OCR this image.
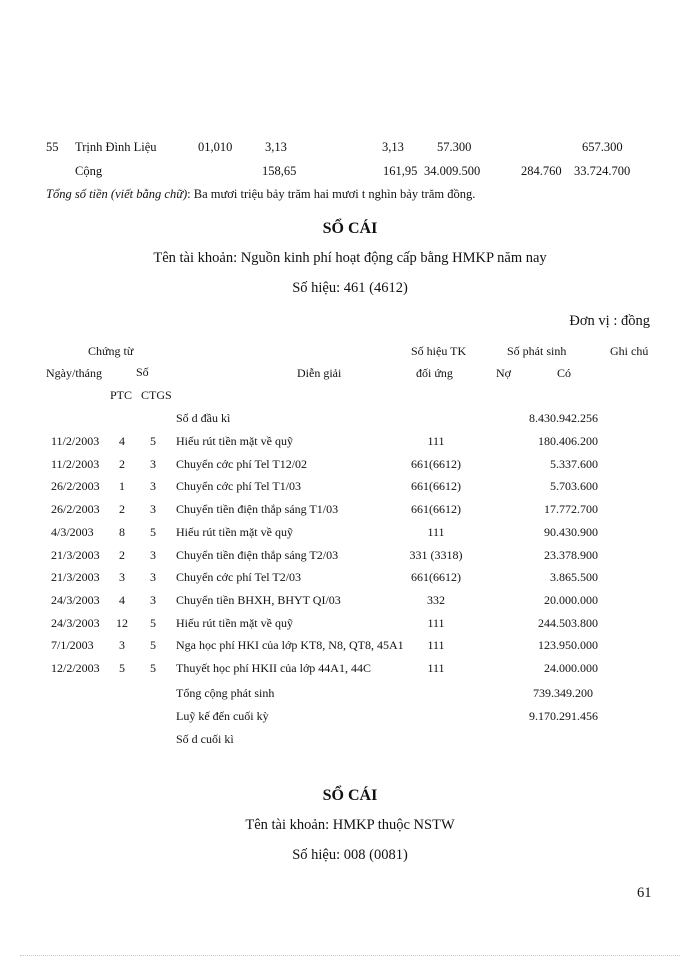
55 Trịnh Đình Liệu	01,010	3,13	3,13	57.300	657.300
Cộng	158,65	161,95 34.009.500	284.760 33.724.700
Tổng số tiền (viết bằng chữ): Ba mươi triệu bảy trăm hai mươi t nghìn bảy trăm đồng.
SỔ CÁI
Tên tài khoản: Nguồn kinh phí hoạt động cấp bằng HMKP năm nay
Số hiệu: 461 (4612)
Đơn vị : đồng
Chứng từ
Số
Ngày/tháng
PTC CTGS
Diễn giải
Số hiệu TK
đối ứng
Số phát sinh
Nợ	Có
Ghi chú
Số d đầu kì	8.430.942.256
11/2/2003 4 5 Hiếu rút tiền mặt về quỹ	111	180.406.200
11/2/2003 2 3 Chuyển cớc phí Tel T12/02	661(6612)	5.337.600
26/2/2003 1 3 Chuyển cớc phí Tel T1/03	661(6612)	5.703.600
26/2/2003 2 3 Chuyển tiền điện thắp sáng T1/03	661(6612)	17.772.700
4/3/2003 8 5 Hiếu rút tiền mặt về quỹ	111	90.430.900
21/3/2003 2 3 Chuyển tiền điện thắp sáng T2/03	331 (3318)	23.378.900
21/3/2003 3 3 Chuyển cớc phí Tel T2/03	661(6612)	3.865.500
24/3/2003 4 3 Chuyển tiền BHXH, BHYT QI/03	332	20.000.000
24/3/2003 12 5 Hiếu rút tiền mặt về quỹ	111	244.503.800
7/1/2003 3 5 Nga học phí HKI của lớp KT8, N8, QT8, 45A1 111	123.950.000
12/2/2003 5 5 Thuyết học phí HKII của lớp 44A1, 44C	111	24.000.000
Tổng cộng phát sinh	739.349.200
Luỹ kế đến cuối kỳ	9.170.291.456
Số d cuối kì
SỔ CÁI
Tên tài khoản: HMKP thuộc NSTW
Số hiệu: 008 (0081)
61
